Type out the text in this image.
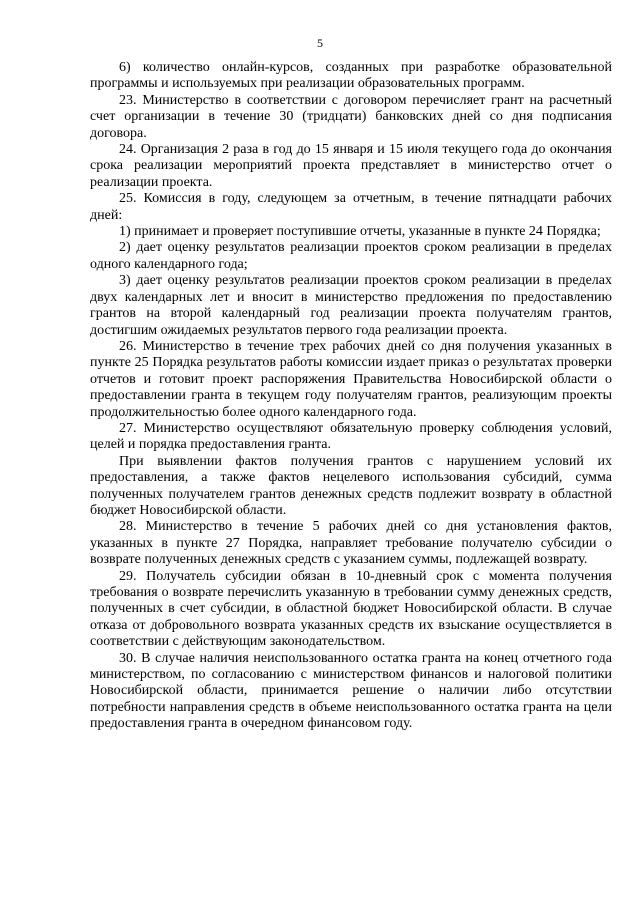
5

6) количество онлайн-курсов, созданных при разработке образовательной программы и используемых при реализации образовательных программ.

23. Министерство в соответствии с договором перечисляет грант на расчетный счет организации в течение 30 (тридцати) банковских дней со дня подписания договора.

24. Организация 2 раза в год до 15 января и 15 июля текущего года до окончания срока реализации мероприятий проекта представляет в министерство отчет о реализации проекта.

25. Комиссия в году, следующем за отчетным, в течение пятнадцати рабочих дней:

1) принимает и проверяет поступившие отчеты, указанные в пункте 24 Порядка;

2) дает оценку результатов реализации проектов сроком реализации в пределах одного календарного года;

3) дает оценку результатов реализации проектов сроком реализации в пределах двух календарных лет и вносит в министерство предложения по предоставлению грантов на второй календарный год реализации проекта получателям грантов, достигшим ожидаемых результатов первого года реализации проекта.

26. Министерство в течение трех рабочих дней со дня получения указанных в пункте 25 Порядка результатов работы комиссии издает приказ о результатах проверки отчетов и готовит проект распоряжения Правительства Новосибирской области о предоставлении гранта в текущем году получателям грантов, реализующим проекты продолжительностью более одного календарного года.

27. Министерство осуществляют обязательную проверку соблюдения условий, целей и порядка предоставления гранта.

При выявлении фактов получения грантов с нарушением условий их предоставления, а также фактов нецелевого использования субсидий, сумма полученных получателем грантов денежных средств подлежит возврату в областной бюджет Новосибирской области.

28. Министерство в течение 5 рабочих дней со дня установления фактов, указанных в пункте 27 Порядка, направляет требование получателю субсидии о возврате полученных денежных средств с указанием суммы, подлежащей возврату.

29. Получатель субсидии обязан в 10-дневный срок с момента получения требования о возврате перечислить указанную в требовании сумму денежных средств, полученных в счет субсидии, в областной бюджет Новосибирской области. В случае отказа от добровольного возврата указанных средств их взыскание осуществляется в соответствии с действующим законодательством.

30. В случае наличия неиспользованного остатка гранта на конец отчетного года министерством, по согласованию с министерством финансов и налоговой политики Новосибирской области, принимается решение о наличии либо отсутствии потребности направления средств в объеме неиспользованного остатка гранта на цели предоставления гранта в очередном финансовом году.
